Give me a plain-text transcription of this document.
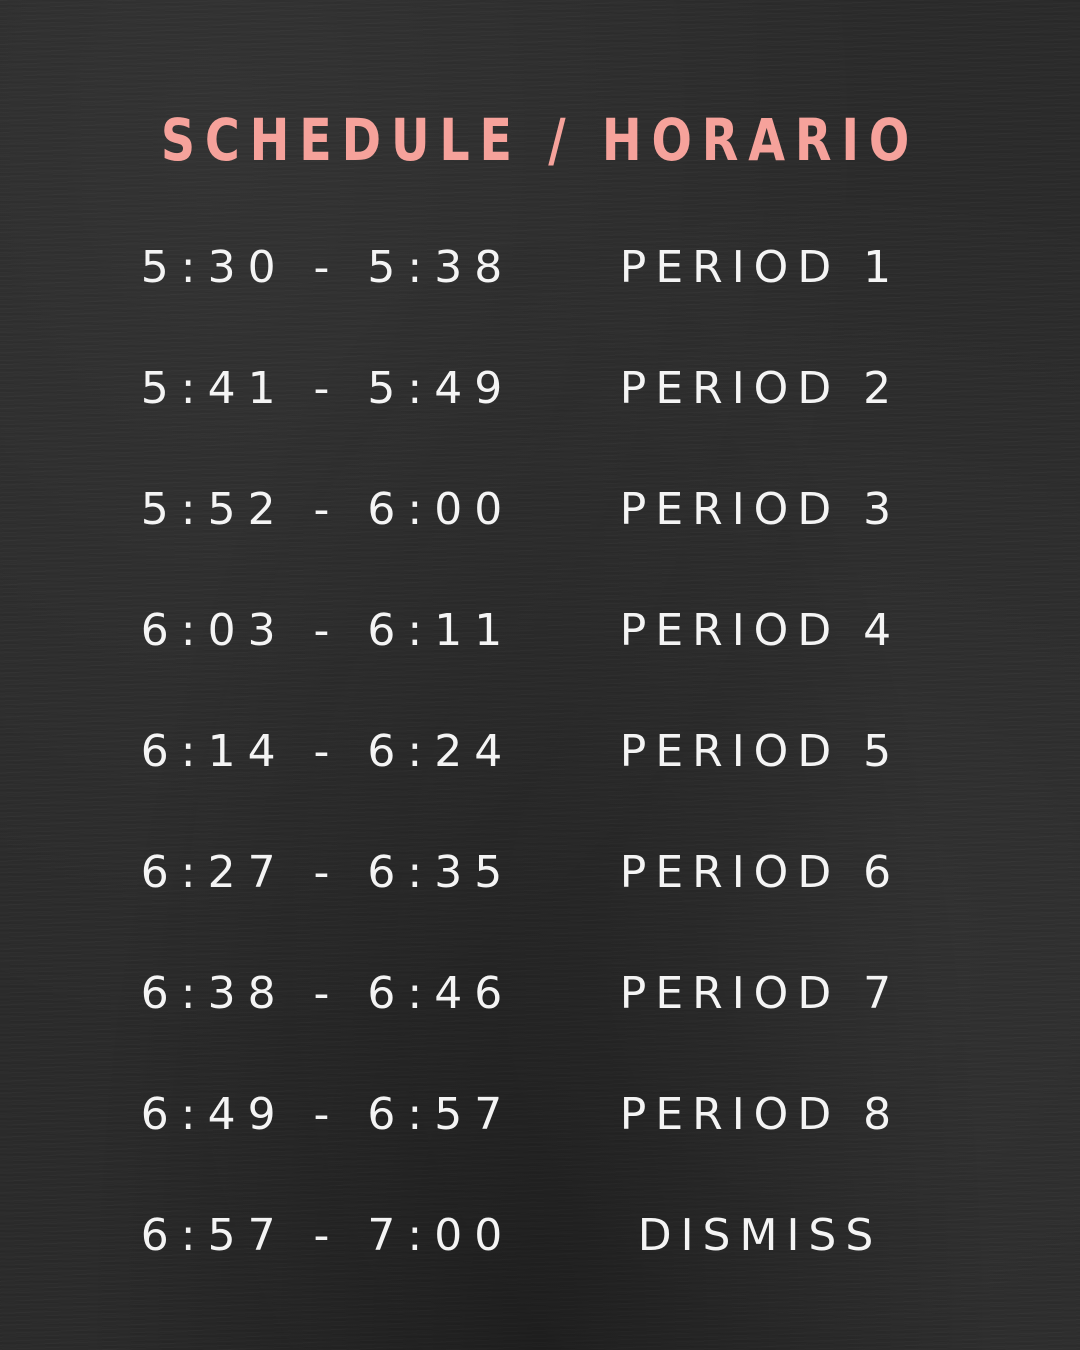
SCHEDULE / HORARIO
5:30 - 5:38	PERIOD 1
5:41 - 5:49	PERIOD 2
5:52 - 6:00	PERIOD 3
6:03 - 6:11	PERIOD 4
6:14 - 6:24	PERIOD 5
6:27 - 6:35	PERIOD 6
6:38 - 6:46	PERIOD 7
6:49 - 6:57	PERIOD 8
6:57 - 7:00	DISMISS
